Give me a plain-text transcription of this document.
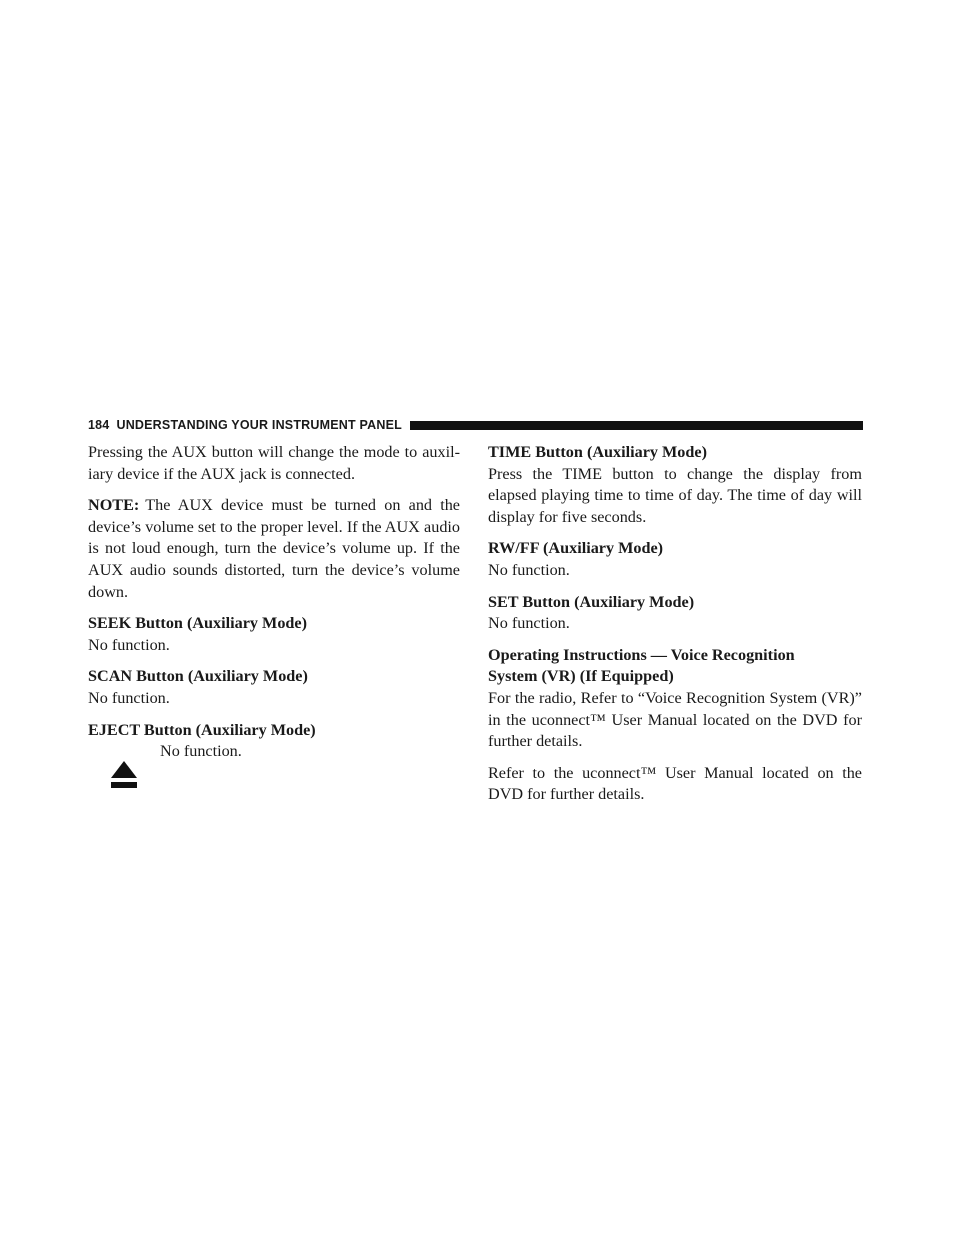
184 UNDERSTANDING YOUR INSTRUMENT PANEL

Pressing the AUX button will change the mode to auxil-iary device if the AUX jack is connected.

NOTE: The AUX device must be turned on and the device’s volume set to the proper level. If the AUX audio is not loud enough, turn the device’s volume up. If the AUX audio sounds distorted, turn the device’s volume down.

SEEK Button (Auxiliary Mode)

No function.

SCAN Button (Auxiliary Mode)

No function.

EJECT Button (Auxiliary Mode)

No function.

TIME Button (Auxiliary Mode)

Press the TIME button to change the display from elapsed playing time to time of day. The time of day will display for five seconds.

RW/FF (Auxiliary Mode)

No function.

SET Button (Auxiliary Mode)

No function.

Operating Instructions — Voice Recognition
System (VR) (If Equipped)

For the radio, Refer to “Voice Recognition System (VR)” in the uconnect™ User Manual located on the DVD for further details.

Refer to the uconnect™ User Manual located on the DVD for further details.
